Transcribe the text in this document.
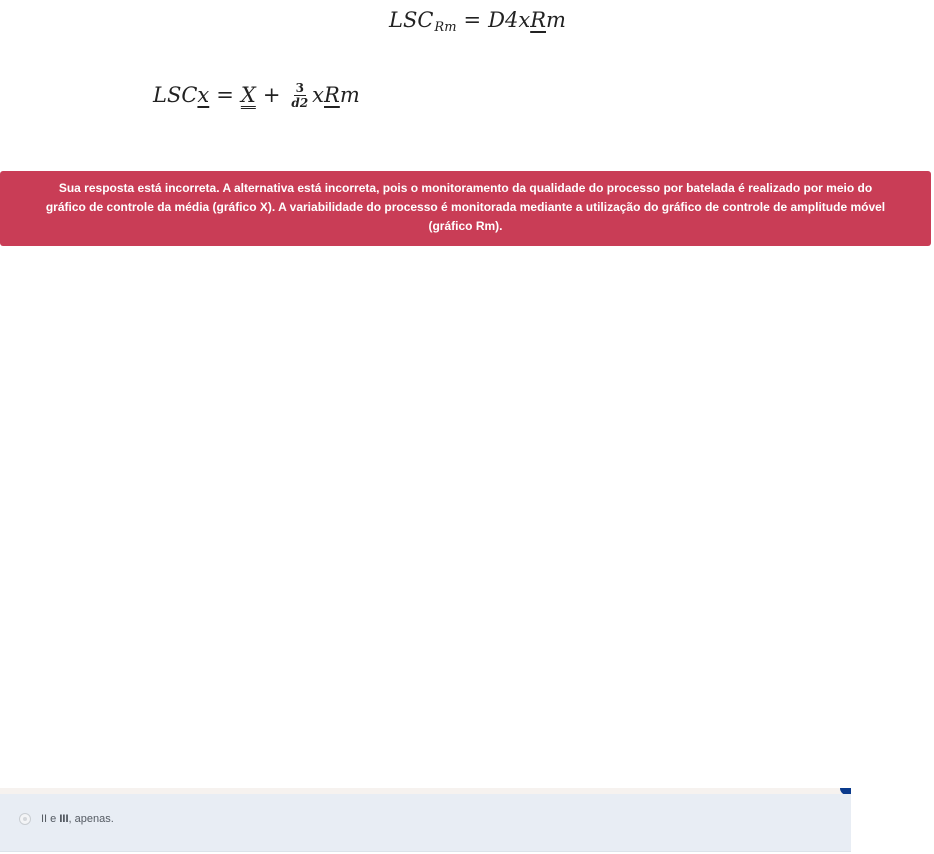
LSC Rm = D4x R m
LSC $x = X + \frac{3}{d2}$ x R m
Sua resposta está incorreta. A alternativa está incorreta, pois o monitoramento da qualidade do processo por batelada é realizado por meio do
gráfico de controle da média (gráfico X). A variabilidade do processo é monitorada mediante a utilização do gráfico de controle de amplitude móvel
(gráfico Rm).
II e III, apenas.
